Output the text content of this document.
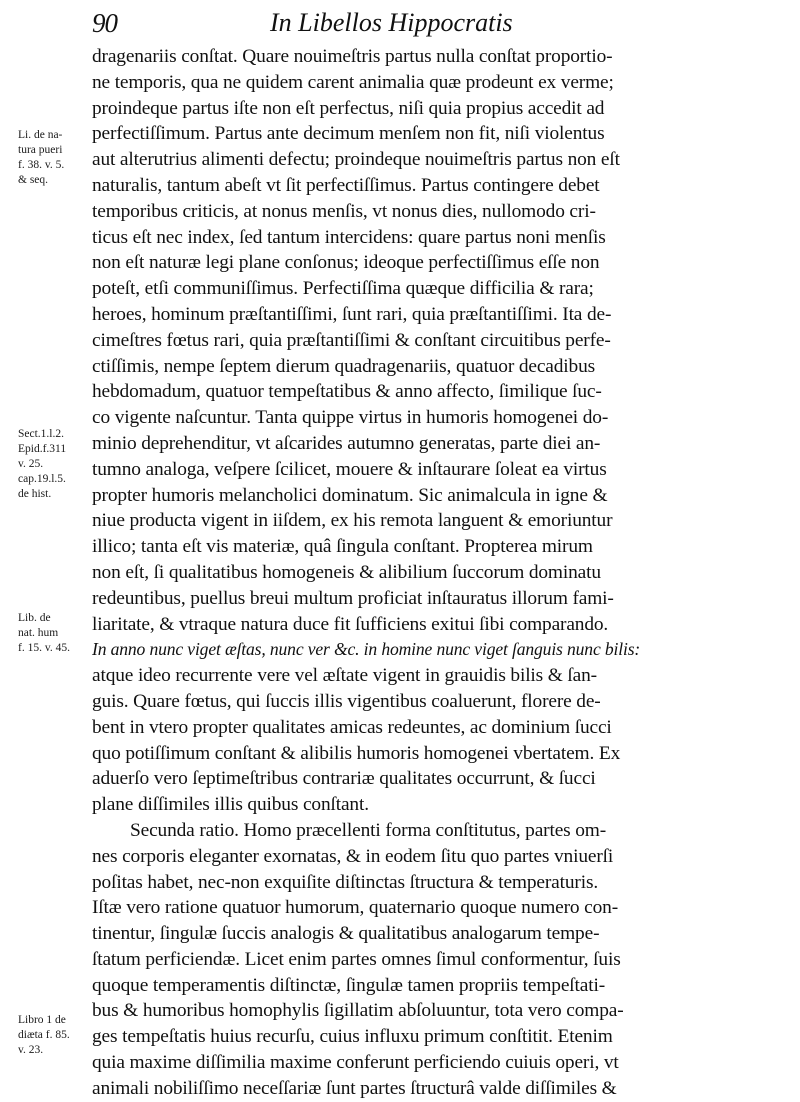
90	In Libellos Hippocratis
Li. de na-
tura pueri
f. 38. v. 5.
& seq.
Sect.1.l.2.
Epid.f.311
v. 25.
cap.19.l.5.
de hist.
Lib. de
nat. hum
f. 15. v. 45.
Libro 1 de
diæta f. 85.
v. 23.
dragenariis conſtat. Quare nouimeſtris partus nulla conſtat proportio-
ne temporis, qua ne quidem carent animalia quæ prodeunt ex verme;
proindeque partus iſte non eſt perfectus, niſi quia propius accedit ad
perfectiſſimum. Partus ante decimum menſem non fit, niſi violentus
aut alterutrius alimenti defectu; proindeque nouimeſtris partus non eſt
naturalis, tantum abeſt vt ſit perfectiſſimus. Partus contingere debet
temporibus criticis, at nonus menſis, vt nonus dies, nullomodo cri-
ticus eſt nec index, ſed tantum intercidens: quare partus noni menſis
non eſt naturæ legi plane conſonus; ideoque perfectiſſimus eſſe non
poteſt, etſi communiſſimus. Perfectiſſima quæque difficilia & rara;
heroes, hominum præſtantiſſimi, ſunt rari, quia præſtantiſſimi. Ita de-
cimeſtres fœtus rari, quia præſtantiſſimi & conſtant circuitibus perfe-
ctiſſimis, nempe ſeptem dierum quadragenariis, quatuor decadibus
hebdomadum, quatuor tempeſtatibus & anno affecto, ſimilique ſuc-
co vigente naſcuntur. Tanta quippe virtus in humoris homogenei do-
minio deprehenditur, vt aſcarides autumno generatas, parte diei an-
tumno analoga, veſpere ſcilicet, mouere & inſtaurare ſoleat ea virtus
propter humoris melancholici dominatum. Sic animalcula in igne &
niue producta vigent in iiſdem, ex his remota languent & emoriuntur
illico; tanta eſt vis materiæ, quâ ſingula conſtant. Propterea mirum
non eſt, ſi qualitatibus homogeneis & alibilium ſuccorum dominatu
redeuntibus, puellus breui multum proficiat inſtauratus illorum fami-
liaritate, & vtraque natura duce fit ſufficiens exitui ſibi comparando.
In anno nunc viget æſtas, nunc ver &c. in homine nunc viget ſanguis nunc bilis:
atque ideo recurrente vere vel æſtate vigent in grauidis bilis & ſan-
guis. Quare fœtus, qui ſuccis illis vigentibus coaluerunt, florere de-
bent in vtero propter qualitates amicas redeuntes, ac dominium ſucci
quo potiſſimum conſtant & alibilis humoris homogenei vbertatem. Ex
aduerſo vero ſeptimeſtribus contrariæ qualitates occurrunt, & ſucci
plane diſſimiles illis quibus conſtant.
Secunda ratio. Homo præcellenti forma conſtitutus, partes om-
nes corporis eleganter exornatas, & in eodem ſitu quo partes vniuerſi
poſitas habet, nec-non exquiſite diſtinctas ſtructura & temperaturis.
Iſtæ vero ratione quatuor humorum, quaternario quoque numero con-
tinentur, ſingulæ ſuccis analogis & qualitatibus analogarum tempe-
ſtatum perficiendæ. Licet enim partes omnes ſimul conformentur, ſuis
quoque temperamentis diſtinctæ, ſingulæ tamen propriis tempeſtati-
bus & humoribus homophylis ſigillatim abſoluuntur, tota vero compa-
ges tempeſtatis huius recurſu, cuius influxu primum conſtitit. Etenim
quia maxime diſſimilia maxime conferunt perficiendo cuiuis operi, vt
animali nobiliſſimo neceſſariæ ſunt partes ſtructurâ valde diſſimiles &
